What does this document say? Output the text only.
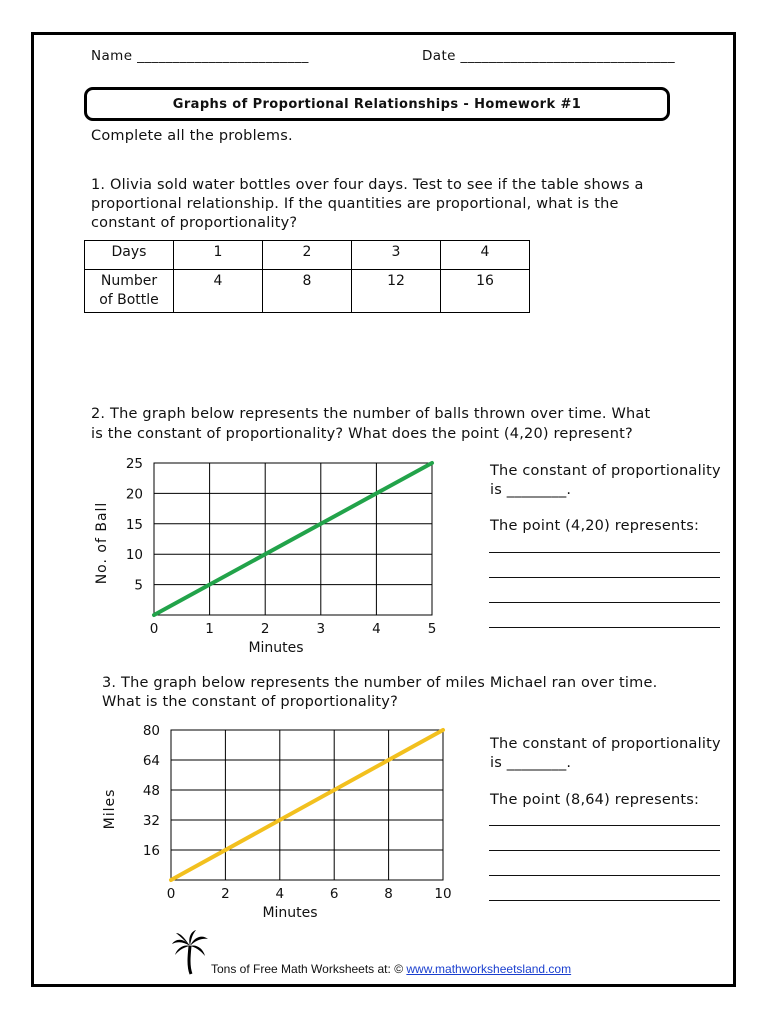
Name ________________________	Date ______________________________
Graphs of Proportional Relationships - Homework #1
Complete all the problems.
1. Olivia sold water bottles over four days. Test to see if the table shows a
proportional relationship. If the quantities are proportional, what is the
constant of proportionality?
Days	1	2	3	4
Number
of Bottle	4	8	12	16
2. The graph below represents the number of balls thrown over time. What
is the constant of proportionality? What does the point (4,20) represent?
0	1	2	3	4	5
5
10
15
20
25
Minutes
No. of Ball
The constant of proportionality
is ________.
The point (4,20) represents:
3. The graph below represents the number of miles Michael ran over time.
What is the constant of proportionality?
0	2	4	6	8	10
16
32
48
64
80
Minutes
Miles
The constant of proportionality
is ________.
The point (8,64) represents:
Tons of Free Math Worksheets at: © www.mathworksheetsland.com
